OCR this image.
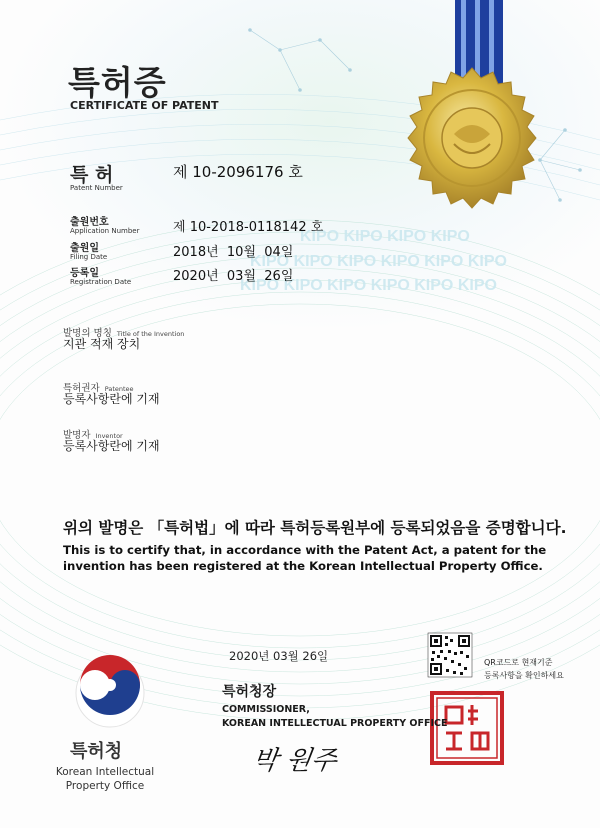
KIPO KIPO KIPO KIPO
KIPO KIPO KIPO KIPO KIPO KIPO
KIPO KIPO KIPO KIPO KIPO KIPO
특허증
CERTIFICATE OF PATENT
특 허
Patent Number
제 10-2096176 호
출원번호
Application Number	제 10-2018-0118142 호
출원일
Filing Date	2018년  10월  04일
등록일
Registration Date	2020년  03월  26일
발명의 명칭 Title of the Invention
지관 적재 장치
특허권자 Patentee
등록사항란에 기재
발명자 Inventor
등록사항란에 기재
위의 발명은 「특허법」에 따라 특허등록원부에 등록되었음을 증명합니다.
This is to certify that, in accordance with the Patent Act, a patent for the invention has been registered at the Korean Intellectual Property Office.
2020년 03월 26일
특허청장
COMMISSIONER,
KOREAN INTELLECTUAL PROPERTY OFFICE
박 원주
QR코드로 현재기준
등록사항을 확인하세요
특허청
Korean Intellectual
Property Office
